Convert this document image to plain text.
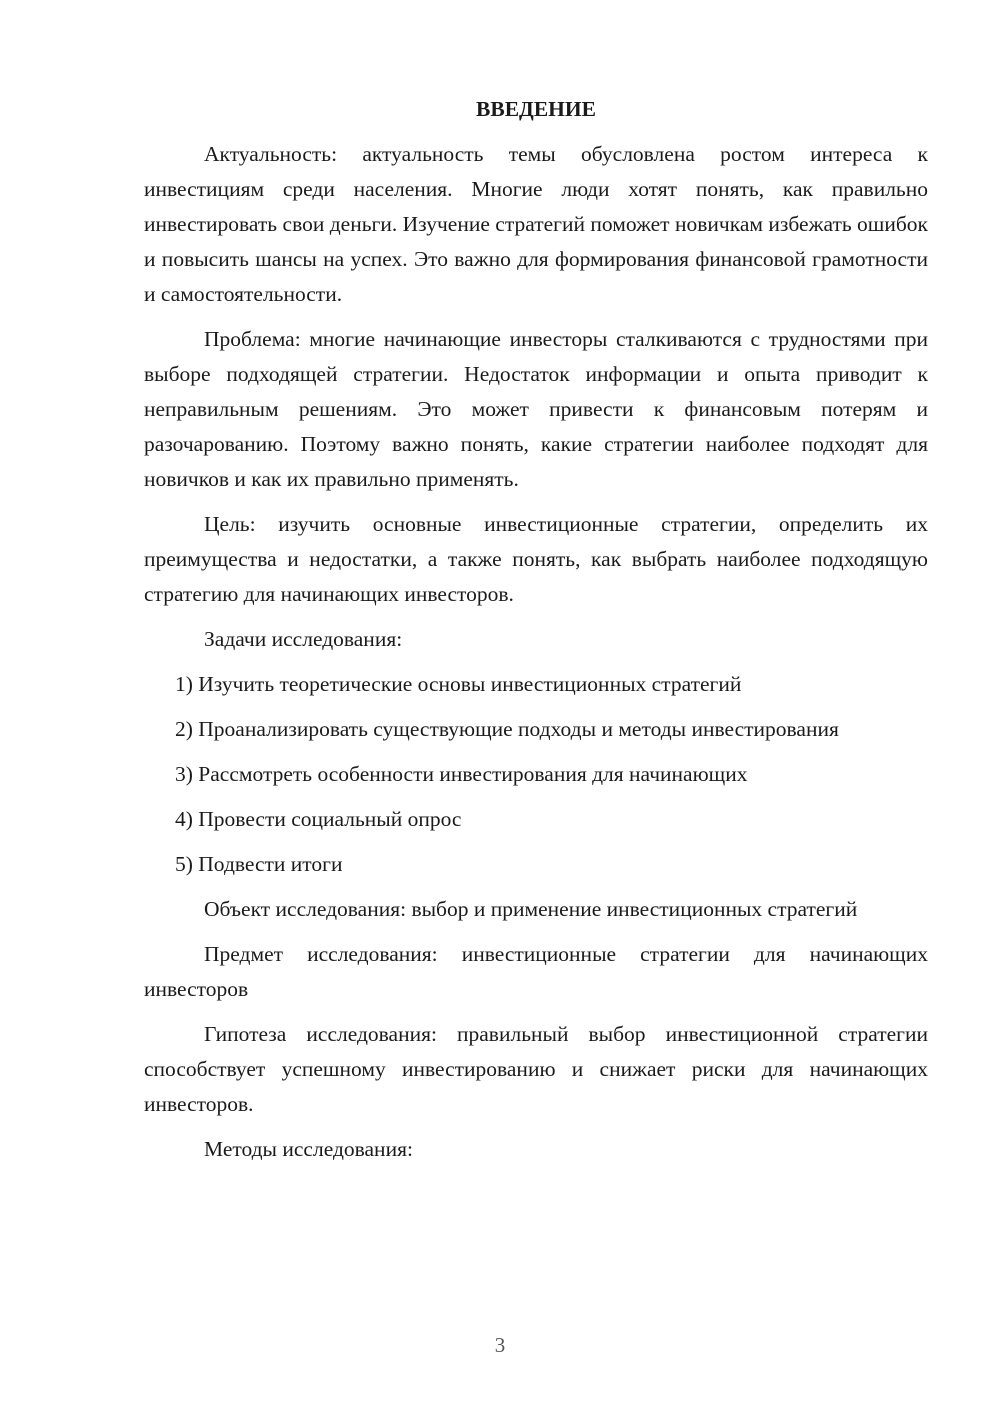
ВВЕДЕНИЕ

Актуальность: актуальность темы обусловлена ростом интереса к инвестициям среди населения. Многие люди хотят понять, как правильно инвестировать свои деньги. Изучение стратегий поможет новичкам избежать ошибок и повысить шансы на успех. Это важно для формирования финансовой грамотности и самостоятельности.

Проблема: многие начинающие инвесторы сталкиваются с трудностями при выборе подходящей стратегии. Недостаток информации и опыта приводит к неправильным решениям. Это может привести к финансовым потерям и разочарованию. Поэтому важно понять, какие стратегии наиболее подходят для новичков и как их правильно применять.

Цель: изучить основные инвестиционные стратегии, определить их преимущества и недостатки, а также понять, как выбрать наиболее подходящую стратегию для начинающих инвесторов.

Задачи исследования:

1) Изучить теоретические основы инвестиционных стратегий

2) Проанализировать существующие подходы и методы инвестирования

3) Рассмотреть особенности инвестирования для начинающих

4) Провести социальный опрос

5) Подвести итоги

Объект исследования: выбор и применение инвестиционных стратегий

Предмет исследования: инвестиционные стратегии для начинающих инвесторов

Гипотеза исследования: правильный выбор инвестиционной стратегии способствует успешному инвестированию и снижает риски для начинающих инвесторов.

Методы исследования:

3
